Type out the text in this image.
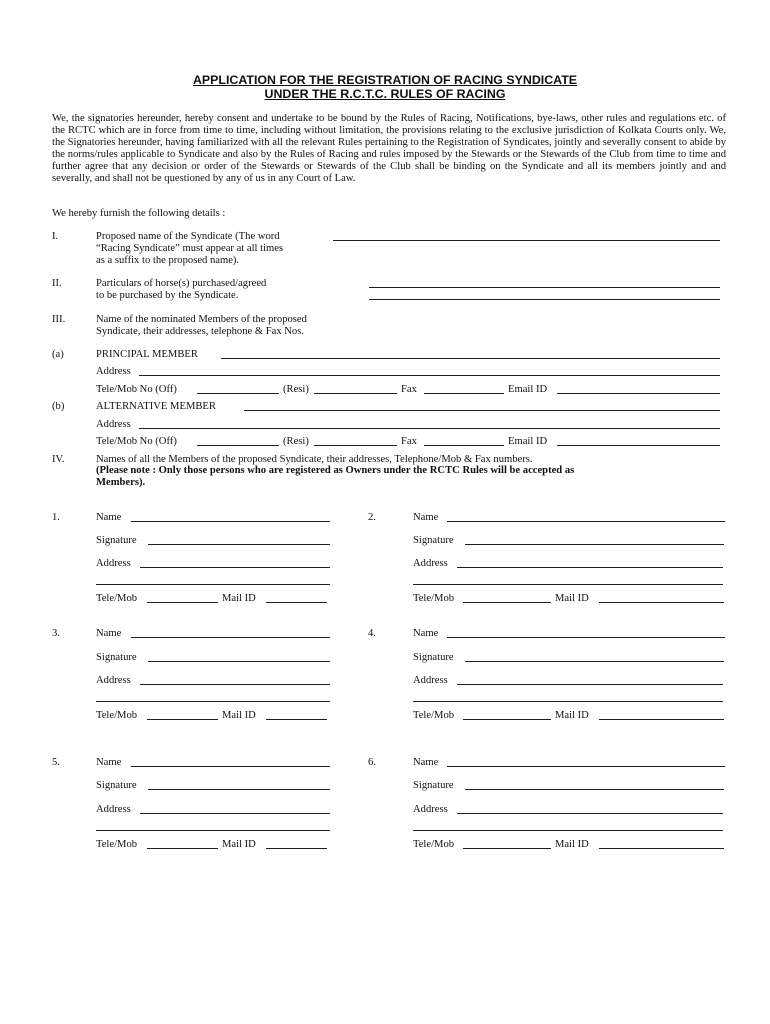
APPLICATION FOR THE REGISTRATION OF RACING SYNDICATE
UNDER THE R.C.T.C. RULES OF RACING
We, the signatories hereunder, hereby consent and undertake to be bound by the Rules of Racing, Notifications, bye-laws, other rules and regulations etc. of the RCTC which are in force from time to time, including without limitation, the provisions relating to the exclusive jurisdiction of Kolkata Courts only. We, the Signatories hereunder, having familiarized with all the relevant Rules pertaining to the Registration of Syndicates, jointly and severally consent to abide by the norms/rules applicable to Syndicate and also by the Rules of Racing and rules imposed by the Stewards or the Stewards of the Club from time to time and further agree that any decision or order of the Stewards or Stewards of the Club shall be binding on the Syndicate and all its members jointly and and severally, and shall not be questioned by any of us in any Court of Law.
We hereby furnish the following details :
I.	Proposed name of the Syndicate (The word
“Racing Syndicate” must appear at all times
as a suffix to the proposed name).
II.	Particulars of horse(s) purchased/agreed
to be purchased by the Syndicate.
III.	Name of the nominated Members of the proposed
Syndicate, their addresses, telephone & Fax Nos.
(a)	PRINCIPAL MEMBER
Address
Tele/Mob No (Off)	(Resi)	Fax	Email ID
(b)	ALTERNATIVE MEMBER
Address
Tele/Mob No (Off)	(Resi)	Fax	Email ID
IV.	Names of all the Members of the proposed Syndicate, their addresses, Telephone/Mob & Fax numbers.
(Please note : Only those persons who are registered as Owners under the RCTC Rules will be accepted as
Members).
1.	Name
Signature
Address
Tele/Mob	Mail ID
3.	Name
Signature
Address
Tele/Mob	Mail ID
5.	Name
Signature
Address
Tele/Mob	Mail ID
2.	Name
Signature
Address
Tele/Mob	Mail ID
4.	Name
Signature
Address
Tele/Mob	Mail ID
6.	Name
Signature
Address
Tele/Mob	Mail ID
